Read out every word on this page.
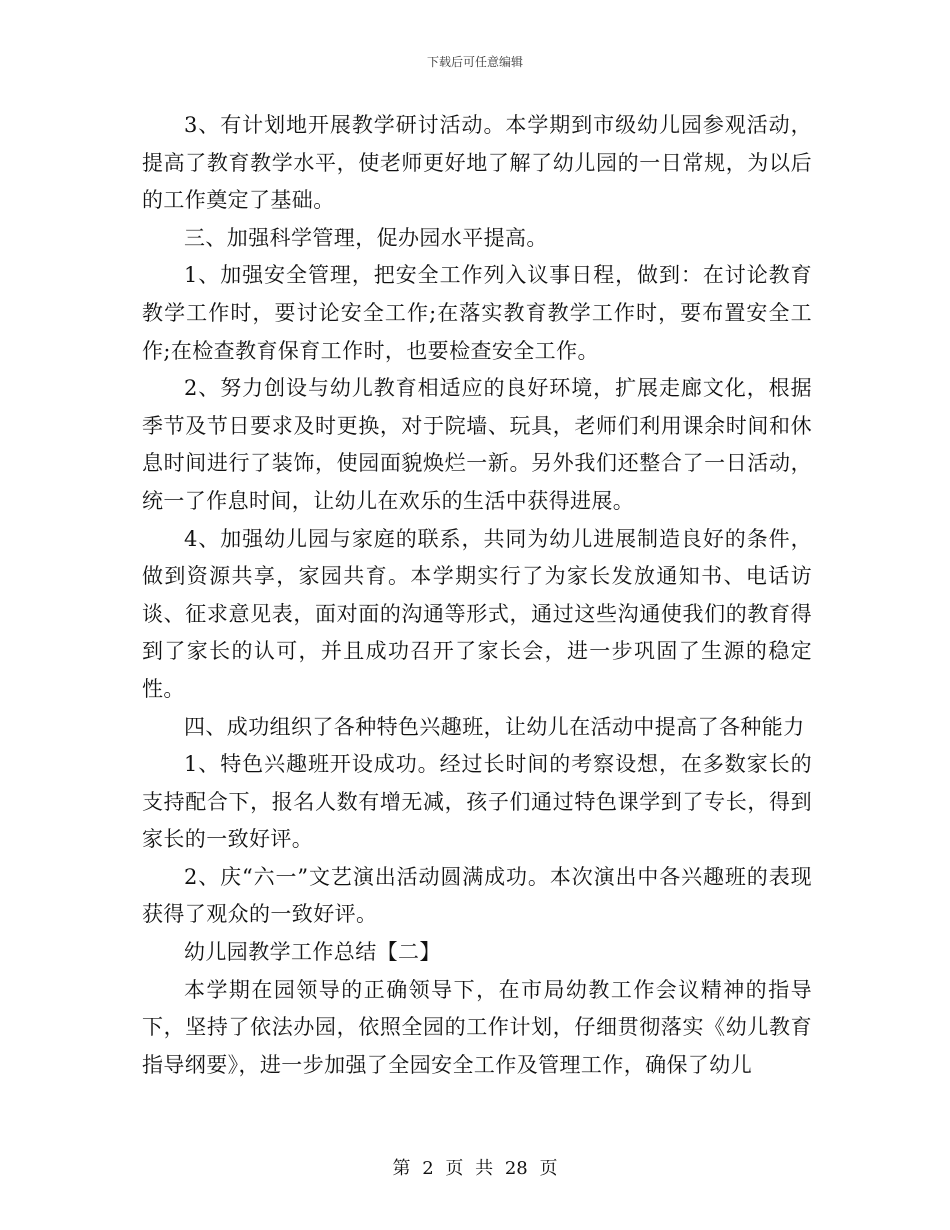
下载后可任意编辑

3、有计划地开展教学研讨活动。本学期到市级幼儿园参观活动，提高了教育教学水平，使老师更好地了解了幼儿园的一日常规，为以后的工作奠定了基础。

三、加强科学管理，促办园水平提高。

1、加强安全管理，把安全工作列入议事日程，做到：在讨论教育教学工作时，要讨论安全工作;在落实教育教学工作时，要布置安全工作;在检查教育保育工作时，也要检查安全工作。

2、努力创设与幼儿教育相适应的良好环境，扩展走廊文化，根据季节及节日要求及时更换，对于院墙、玩具，老师们利用课余时间和休息时间进行了装饰，使园面貌焕烂一新。另外我们还整合了一日活动，统一了作息时间，让幼儿在欢乐的生活中获得进展。

4、加强幼儿园与家庭的联系，共同为幼儿进展制造良好的条件，做到资源共享，家园共育。本学期实行了为家长发放通知书、电话访谈、征求意见表，面对面的沟通等形式，通过这些沟通使我们的教育得到了家长的认可，并且成功召开了家长会，进一步巩固了生源的稳定性。

四、成功组织了各种特色兴趣班，让幼儿在活动中提高了各种能力

1、特色兴趣班开设成功。经过长时间的考察设想，在多数家长的支持配合下，报名人数有增无减，孩子们通过特色课学到了专长，得到家长的一致好评。

2、庆“六一”文艺演出活动圆满成功。本次演出中各兴趣班的表现获得了观众的一致好评。

幼儿园教学工作总结【二】

本学期在园领导的正确领导下，在市局幼教工作会议精神的指导下，坚持了依法办园，依照全园的工作计划，仔细贯彻落实《幼儿教育指导纲要》，进一步加强了全园安全工作及管理工作，确保了幼儿

第 2 页 共 28 页
